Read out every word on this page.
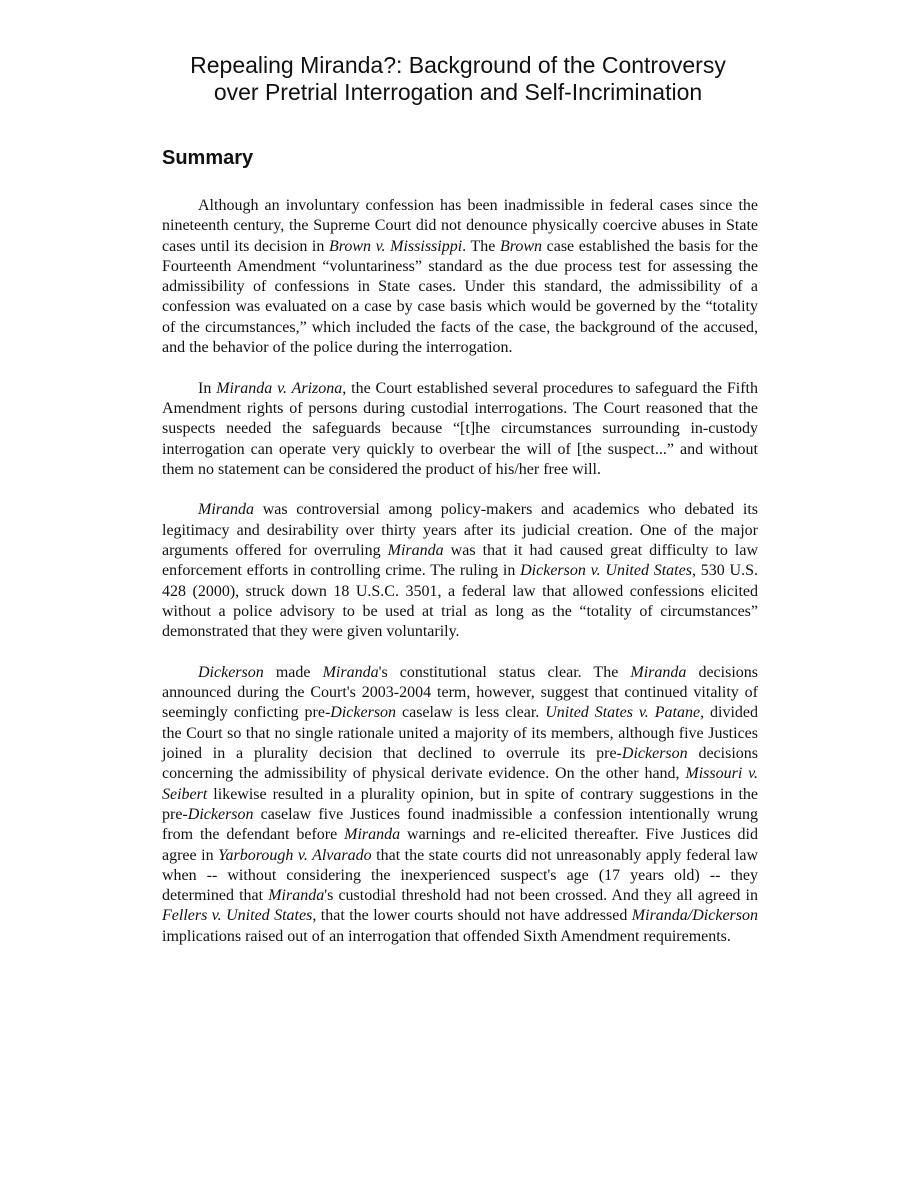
Repealing Miranda?: Background of the Controversy
over Pretrial Interrogation and Self-Incrimination
Summary

Although an involuntary confession has been inadmissible in federal cases since the nineteenth century, the Supreme Court did not denounce physically coercive abuses in State cases until its decision in Brown v. Mississippi. The Brown case established the basis for the Fourteenth Amendment “voluntariness” standard as the due process test for assessing the admissibility of confessions in State cases. Under this standard, the admissibility of a confession was evaluated on a case by case basis which would be governed by the “totality of the circumstances,” which included the facts of the case, the background of the accused, and the behavior of the police during the interrogation.

In Miranda v. Arizona, the Court established several procedures to safeguard the Fifth Amendment rights of persons during custodial interrogations. The Court reasoned that the suspects needed the safeguards because “[t]he circumstances surrounding in-custody interrogation can operate very quickly to overbear the will of [the suspect...” and without them no statement can be considered the product of his/her free will.

Miranda was controversial among policy-makers and academics who debated its legitimacy and desirability over thirty years after its judicial creation. One of the major arguments offered for overruling Miranda was that it had caused great difficulty to law enforcement efforts in controlling crime. The ruling in Dickerson v. United States, 530 U.S. 428 (2000), struck down 18 U.S.C. 3501, a federal law that allowed confessions elicited without a police advisory to be used at trial as long as the “totality of circumstances” demonstrated that they were given voluntarily.

Dickerson made Miranda's constitutional status clear. The Miranda decisions announced during the Court's 2003-2004 term, however, suggest that continued vitality of seemingly conficting pre-Dickerson caselaw is less clear. United States v. Patane, divided the Court so that no single rationale united a majority of its members, although five Justices joined in a plurality decision that declined to overrule its pre-Dickerson decisions concerning the admissibility of physical derivate evidence. On the other hand, Missouri v. Seibert likewise resulted in a plurality opinion, but in spite of contrary suggestions in the pre-Dickerson caselaw five Justices found inadmissible a confession intentionally wrung from the defendant before Miranda warnings and re-elicited thereafter. Five Justices did agree in Yarborough v. Alvarado that the state courts did not unreasonably apply federal law when -- without considering the inexperienced suspect's age (17 years old) -- they determined that Miranda's custodial threshold had not been crossed. And they all agreed in Fellers v. United States, that the lower courts should not have addressed Miranda/Dickerson implications raised out of an interrogation that offended Sixth Amendment requirements.
